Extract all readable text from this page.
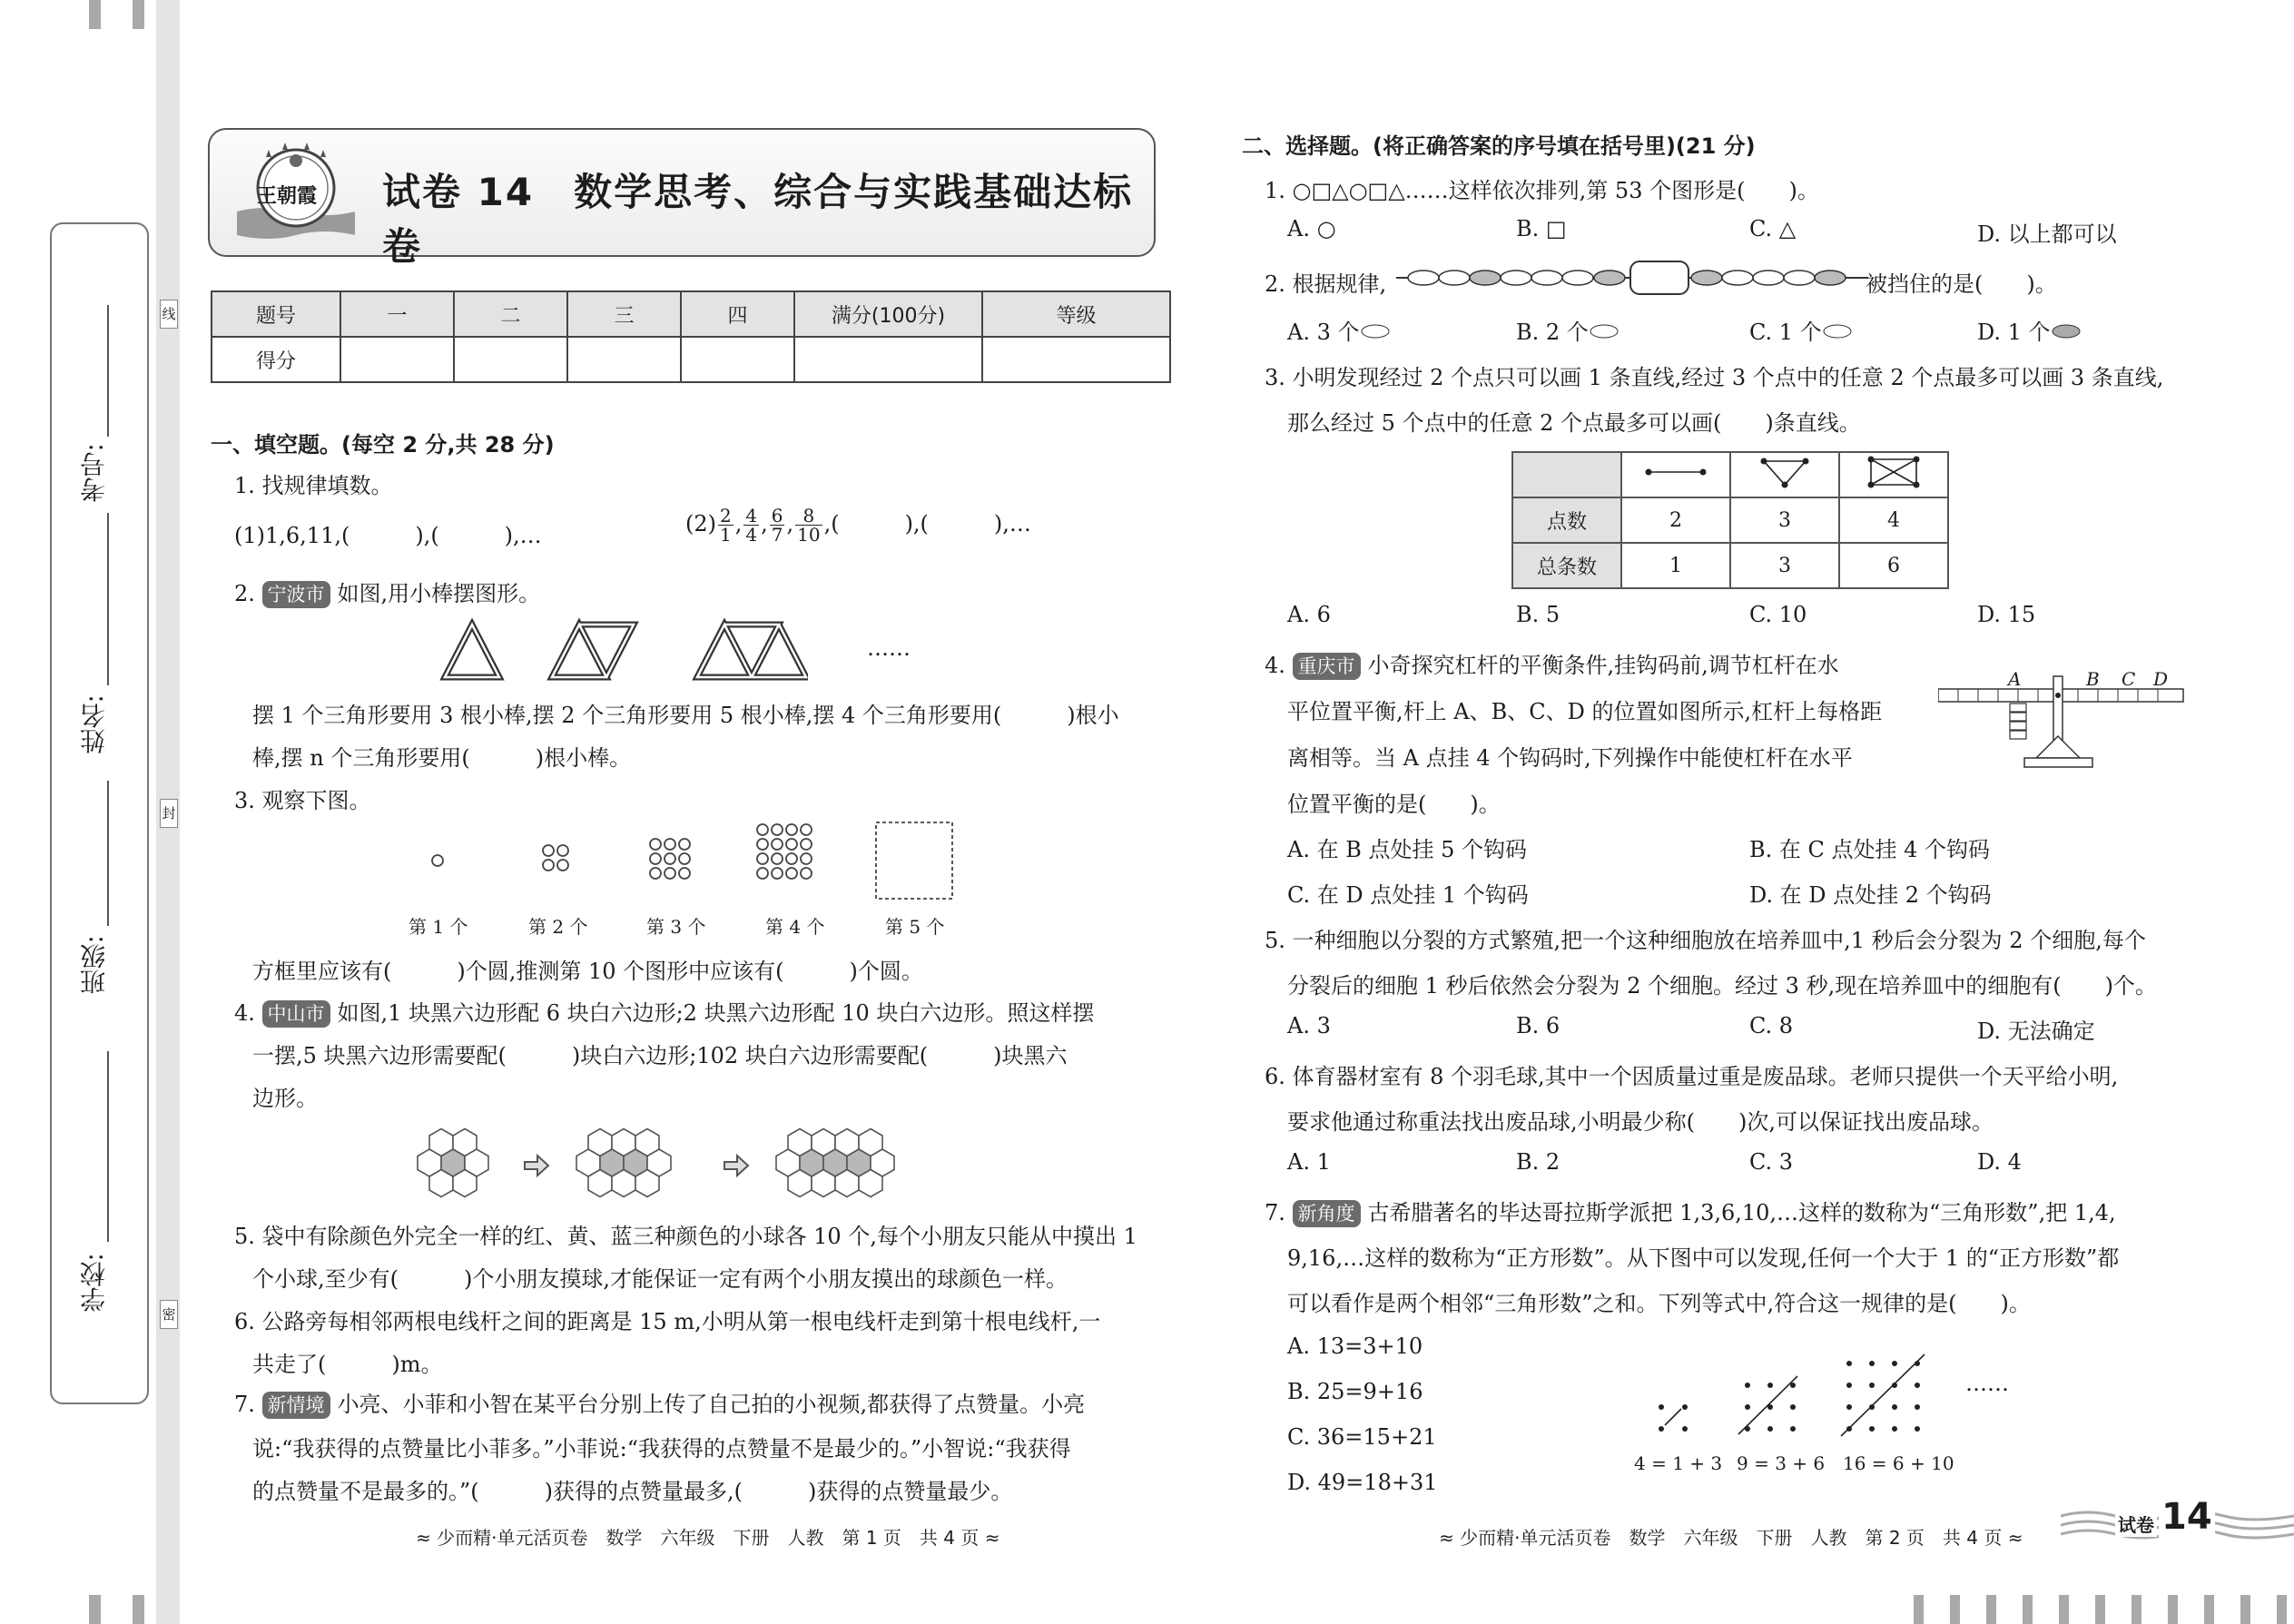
学校:
班级:
姓名:
考号:
线
封
密
王朝霞 试卷 14　数学思考、综合与实践基础达标卷
题号	一	二	三	四	满分(100分)	等级
得分						
一、填空题。(每空 2 分,共 28 分)
1. 找规律填数。
(1)1,6,11,(　　　),(　　　),…	$(2) \frac{2}{1}$ , $\frac{4}{4}$ , $\frac{6}{7}$ , $\frac{8}{10}$ ,(　　　),(　　　),…
2. 宁波市 如图,用小棒摆图形。
……
摆 1 个三角形要用 3 根小棒,摆 2 个三角形要用 5 根小棒,摆 4 个三角形要用(　　　)根小
棒,摆 n 个三角形要用(　　　)根小棒。
3. 观察下图。
第 1 个	第 2 个	第 3 个	第 4 个	第 5 个
方框里应该有(　　　)个圆,推测第 10 个图形中应该有(　　　)个圆。
4. 中山市 如图,1 块黑六边形配 6 块白六边形;2 块黑六边形配 10 块白六边形。照这样摆
一摆,5 块黑六边形需要配(　　　)块白六边形;102 块白六边形需要配(　　　)块黑六
边形。
5. 袋中有除颜色外完全一样的红、黄、蓝三种颜色的小球各 10 个,每个小朋友只能从中摸出 1
个小球,至少有(　　　)个小朋友摸球,才能保证一定有两个小朋友摸出的球颜色一样。
6. 公路旁每相邻两根电线杆之间的距离是 15 m,小明从第一根电线杆走到第十根电线杆,一
共走了(　　　)m。
7. 新情境 小亮、小菲和小智在某平台分别上传了自己拍的小视频,都获得了点赞量。小亮
说:“我获得的点赞量比小菲多。”小菲说:“我获得的点赞量不是最少的。”小智说:“我获得
的点赞量不是最多的。”(　　　)获得的点赞量最多,(　　　)获得的点赞量最少。
≈ 少而精·单元活页卷　数学　六年级　下册　人教　第 1 页　共 4 页 ≈
二、选择题。(将正确答案的序号填在括号里)(21 分)
1. ○□△○□△……这样依次排列,第 53 个图形是(　　)。
A. ○	B. □	C. △	D. 以上都可以
2. 根据规律,	被挡住的是(　　)。
A. 3 个	B. 2 个	C. 1 个	D. 1 个
3. 小明发现经过 2 个点只可以画 1 条直线,经过 3 个点中的任意 2 个点最多可以画 3 条直线,
那么经过 5 个点中的任意 2 个点最多可以画(　　)条直线。

点数	2	3	4
总条数	1	3	6
A. 6	B. 5	C. 10	D. 15
4. 重庆市 小奇探究杠杆的平衡条件,挂钩码前,调节杠杆在水
平位置平衡,杆上 A、B、C、D 的位置如图所示,杠杆上每格距
离相等。当 A 点挂 4 个钩码时,下列操作中能使杠杆在水平
位置平衡的是(　　)。
A	B C D
A. 在 B 点处挂 5 个钩码	B. 在 C 点处挂 4 个钩码
C. 在 D 点处挂 1 个钩码	D. 在 D 点处挂 2 个钩码
5. 一种细胞以分裂的方式繁殖,把一个这种细胞放在培养皿中,1 秒后会分裂为 2 个细胞,每个
分裂后的细胞 1 秒后依然会分裂为 2 个细胞。经过 3 秒,现在培养皿中的细胞有(　　)个。
A. 3	B. 6	C. 8	D. 无法确定
6. 体育器材室有 8 个羽毛球,其中一个因质量过重是废品球。老师只提供一个天平给小明,
要求他通过称重法找出废品球,小明最少称(　　)次,可以保证找出废品球。
A. 1	B. 2	C. 3	D. 4
7. 新角度 古希腊著名的毕达哥拉斯学派把 1,3,6,10,…这样的数称为“三角形数”,把 1,4,
9,16,…这样的数称为“正方形数”。从下图中可以发现,任何一个大于 1 的“正方形数”都
可以看作是两个相邻“三角形数”之和。下列等式中,符合这一规律的是(　　)。
A. 13=3+10
B. 25=9+16
C. 36=15+21
D. 49=18+31
……
4 = 1 + 3 9 = 3 + 6 16 = 6 + 10
≈ 少而精·单元活页卷　数学　六年级　下册　人教　第 2 页　共 4 页 ≈
试卷 14
